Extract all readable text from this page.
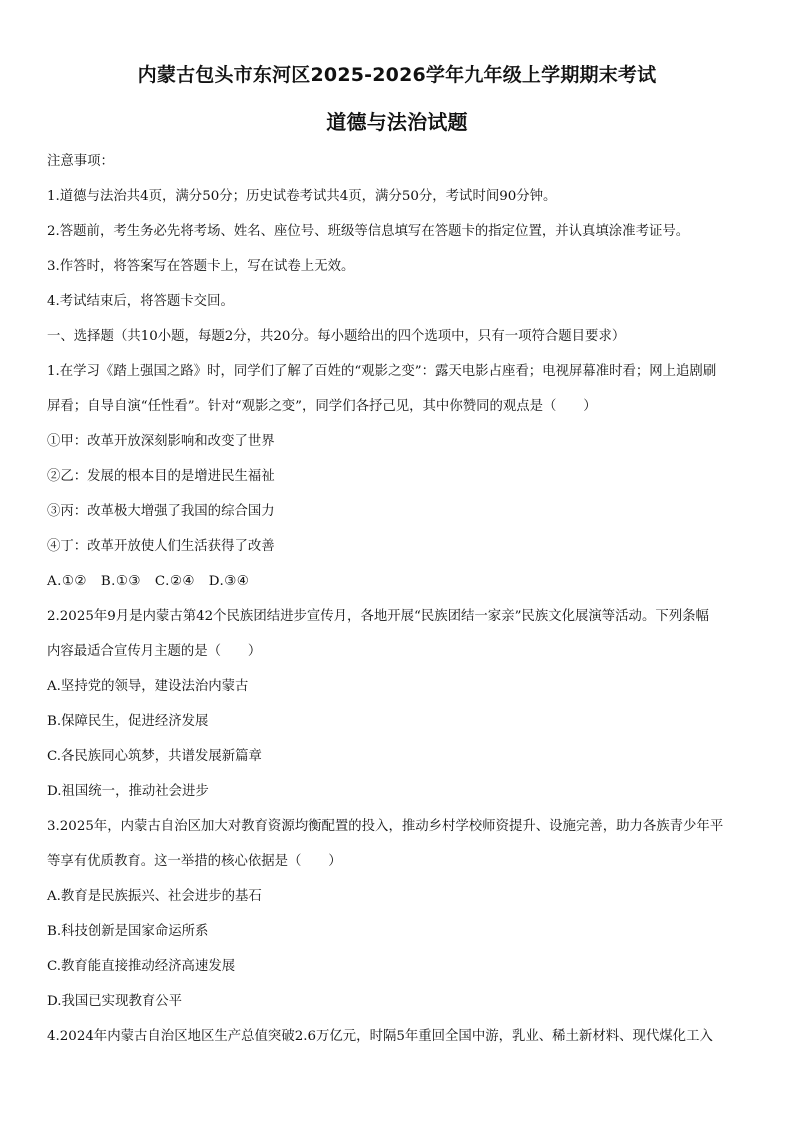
内蒙古包头市东河区2025-2026学年九年级上学期期末考试
道德与法治试题
注意事项：
1.道德与法治共4页，满分50分；历史试卷考试共4页，满分50分，考试时间90分钟。
2.答题前，考生务必先将考场、姓名、座位号、班级等信息填写在答题卡的指定位置，并认真填涂准考证号。
3.作答时，将答案写在答题卡上，写在试卷上无效。
4.考试结束后，将答题卡交回。
一、选择题（共10小题，每题2分，共20分。每小题给出的四个选项中，只有一项符合题目要求）
1.在学习《踏上强国之路》时，同学们了解了百姓的“观影之变”：露天电影占座看；电视屏幕准时看；网上追剧刷
屏看；自导自演“任性看”。针对“观影之变”，同学们各抒己见，其中你赞同的观点是（　　）
①甲：改革开放深刻影响和改变了世界
②乙：发展的根本目的是增进民生福祉
③丙：改革极大增强了我国的综合国力
④丁：改革开放使人们生活获得了改善
A.①②　B.①③　C.②④　D.③④
2.2025年9月是内蒙古第42个民族团结进步宣传月，各地开展“民族团结一家亲”民族文化展演等活动。下列条幅
内容最适合宣传月主题的是（　　）
A.坚持党的领导，建设法治内蒙古
B.保障民生，促进经济发展
C.各民族同心筑梦，共谱发展新篇章
D.祖国统一，推动社会进步
3.2025年，内蒙古自治区加大对教育资源均衡配置的投入，推动乡村学校师资提升、设施完善，助力各族青少年平
等享有优质教育。这一举措的核心依据是（　　）
A.教育是民族振兴、社会进步的基石
B.科技创新是国家命运所系
C.教育能直接推动经济高速发展
D.我国已实现教育公平
4.2024年内蒙古自治区地区生产总值突破2.6万亿元，时隔5年重回全国中游，乳业、稀土新材料、现代煤化工入
